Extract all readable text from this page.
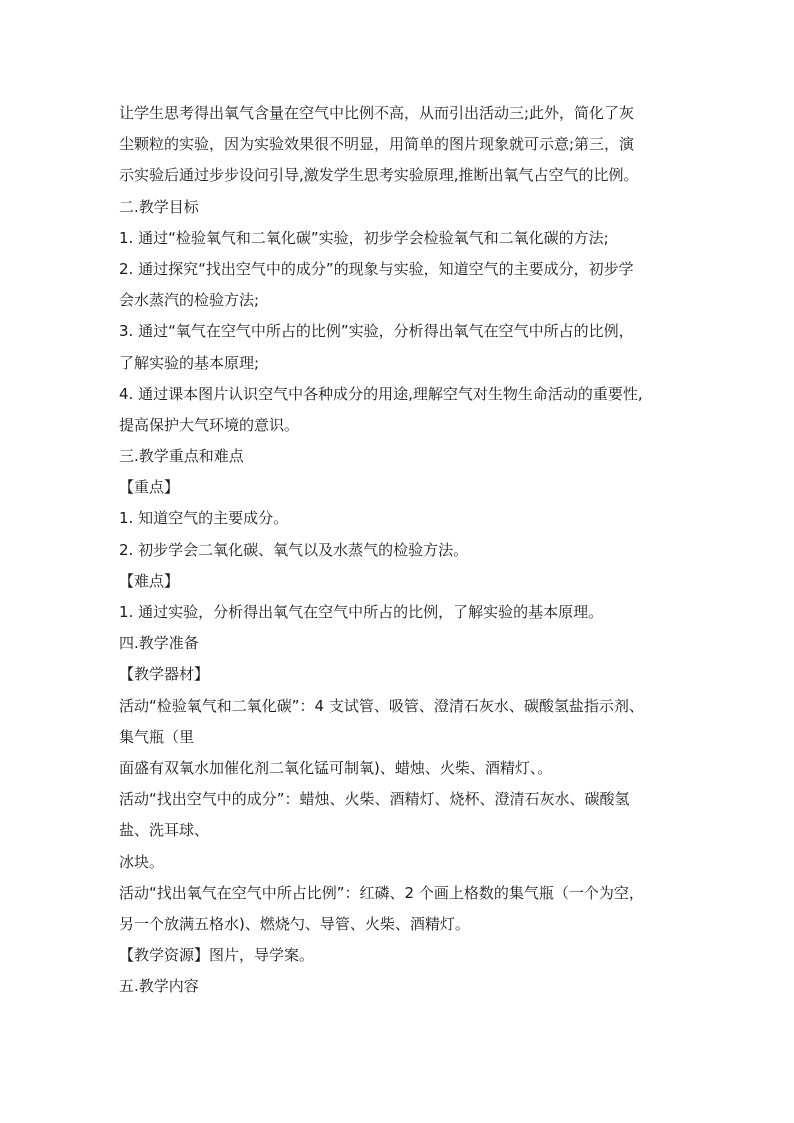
让学生思考得出氧气含量在空气中比例不高，从而引出活动三;此外，简化了灰

尘颗粒的实验，因为实验效果很不明显，用简单的图片现象就可示意;第三，演

示实验后通过步步设问引导,激发学生思考实验原理,推断出氧气占空气的比例。

二.教学目标

1. 通过“检验氧气和二氧化碳”实验，初步学会检验氧气和二氧化碳的方法;

2. 通过探究“找出空气中的成分”的现象与实验，知道空气的主要成分，初步学

会水蒸汽的检验方法;

3. 通过“氧气在空气中所占的比例”实验，分析得出氧气在空气中所占的比例，

了解实验的基本原理;

4. 通过课本图片认识空气中各种成分的用途,理解空气对生物生命活动的重要性,

提高保护大气环境的意识。

三.教学重点和难点

【重点】

1. 知道空气的主要成分。

2. 初步学会二氧化碳、氧气以及水蒸气的检验方法。

【难点】

1. 通过实验，分析得出氧气在空气中所占的比例，了解实验的基本原理。

四.教学准备

【教学器材】

活动“检验氧气和二氧化碳”：4 支试管、吸管、澄清石灰水、碳酸氢盐指示剂、

集气瓶（里

面盛有双氧水加催化剂二氧化锰可制氧)、蜡烛、火柴、酒精灯、。

活动“找出空气中的成分”：蜡烛、火柴、酒精灯、烧杯、澄清石灰水、碳酸氢

盐、洗耳球、

冰块。

活动“找出氧气在空气中所占比例”：红磷、2 个画上格数的集气瓶（一个为空，

另一个放满五格水)、燃烧勺、导管、火柴、酒精灯。

【教学资源】图片，导学案。

五.教学内容
